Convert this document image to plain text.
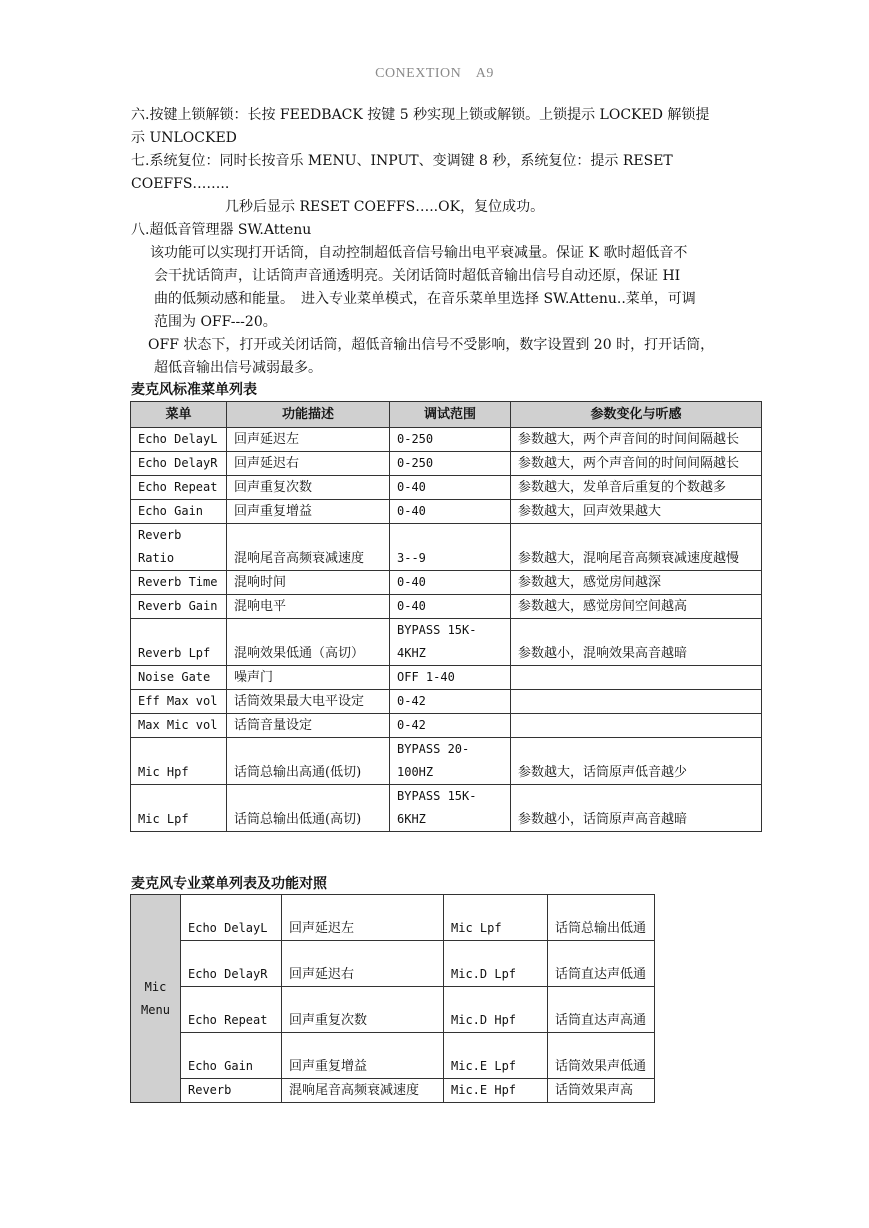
CONEXTION　A9
六.按键上锁解锁：长按 FEEDBACK 按键 5 秒实现上锁或解锁。上锁提示 LOCKED 解锁提
示 UNLOCKED
七.系统复位：同时长按音乐 MENU、INPUT、变调键 8 秒，系统复位：提示 RESET
COEFFS……..
几秒后显示 RESET COEFFS…..OK，复位成功。
八.超低音管理器 SW.Attenu
该功能可以实现打开话筒，自动控制超低音信号输出电平衰减量。保证 K 歌时超低音不
会干扰话筒声，让话筒声音通透明亮。关闭话筒时超低音输出信号自动还原，保证 HI
曲的低频动感和能量。　进入专业菜单模式，在音乐菜单里选择 SW.Attenu..菜单，可调
范围为 OFF---20。
OFF 状态下，打开或关闭话筒，超低音输出信号不受影响，数字设置到 20 时，打开话筒，
超低音输出信号减弱最多。
麦克风标准菜单列表
菜单	功能描述	调试范围	参数变化与听感
Echo DelayL	回声延迟左	0-250	参数越大，两个声音间的时间间隔越长
Echo DelayR	回声延迟右	0-250	参数越大，两个声音间的时间间隔越长
Echo Repeat	回声重复次数	0-40	参数越大，发单音后重复的个数越多
Echo Gain	回声重复增益	0-40	参数越大，回声效果越大
Reverb Ratio	混响尾音高频衰减速度	3--9	参数越大，混响尾音高频衰减速度越慢
Reverb Time	混响时间	0-40	参数越大，感觉房间越深
Reverb Gain	混响电平	0-40	参数越大，感觉房间空间越高
Reverb Lpf	混响效果低通（高切）	BYPASS 15K-4KHZ	参数越小，混响效果高音越暗
Noise Gate	噪声门	OFF 1-40	
Eff Max vol	话筒效果最大电平设定	0-42	
Max Mic vol	话筒音量设定	0-42	
Mic Hpf	话筒总输出高通(低切)	BYPASS 20-100HZ	参数越大，话筒原声低音越少
Mic Lpf	话筒总输出低通(高切)	BYPASS 15K-6KHZ	参数越小，话筒原声高音越暗
麦克风专业菜单列表及功能对照
Mic Menu	Echo DelayL	回声延迟左	Mic Lpf	话筒总输出低通
	Echo DelayR	回声延迟右	Mic.D Lpf	话筒直达声低通
	Echo Repeat	回声重复次数	Mic.D Hpf	话筒直达声高通
	Echo Gain	回声重复增益	Mic.E Lpf	话筒效果声低通
	Reverb	混响尾音高频衰减速度	Mic.E Hpf	话筒效果声高
